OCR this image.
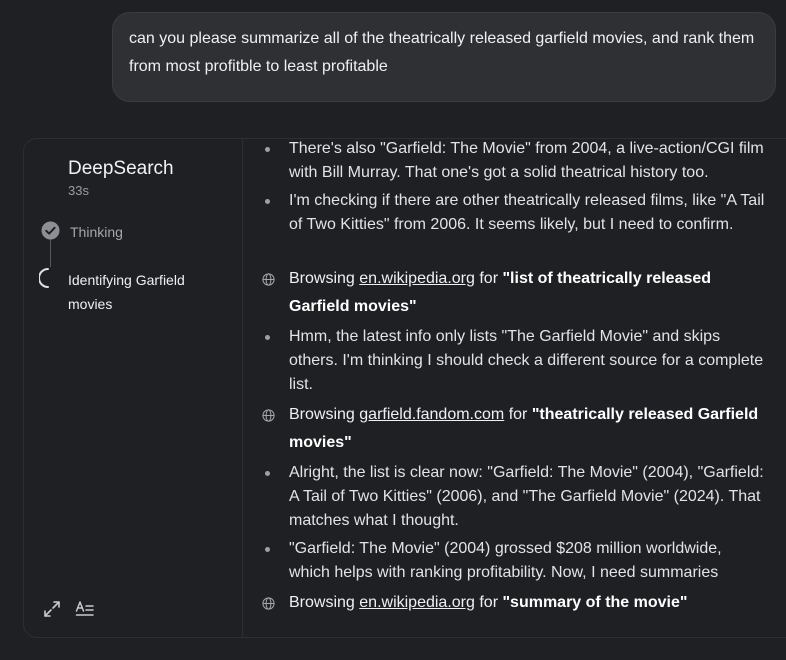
can you please summarize all of the theatrically released garfield movies, and rank them from most profitble to least profitable
DeepSearch
33s
Thinking
Identifying Garfield movies
There's also "Garfield: The Movie" from 2004, a live-action/CGI film with Bill Murray. That one's got a solid theatrical history too.
I'm checking if there are other theatrically released films, like "A Tail of Two Kitties" from 2006. It seems likely, but I need to confirm.
Browsing en.wikipedia.org for "list of theatrically released Garfield movies"
Hmm, the latest info only lists "The Garfield Movie" and skips others. I'm thinking I should check a different source for a complete list.
Browsing garfield.fandom.com for "theatrically released Garfield movies"
Alright, the list is clear now: "Garfield: The Movie" (2004), "Garfield: A Tail of Two Kitties" (2006), and "The Garfield Movie" (2024). That matches what I thought.
"Garfield: The Movie" (2004) grossed $208 million worldwide, which helps with ranking profitability. Now, I need summaries
Browsing en.wikipedia.org for "summary of the movie"
